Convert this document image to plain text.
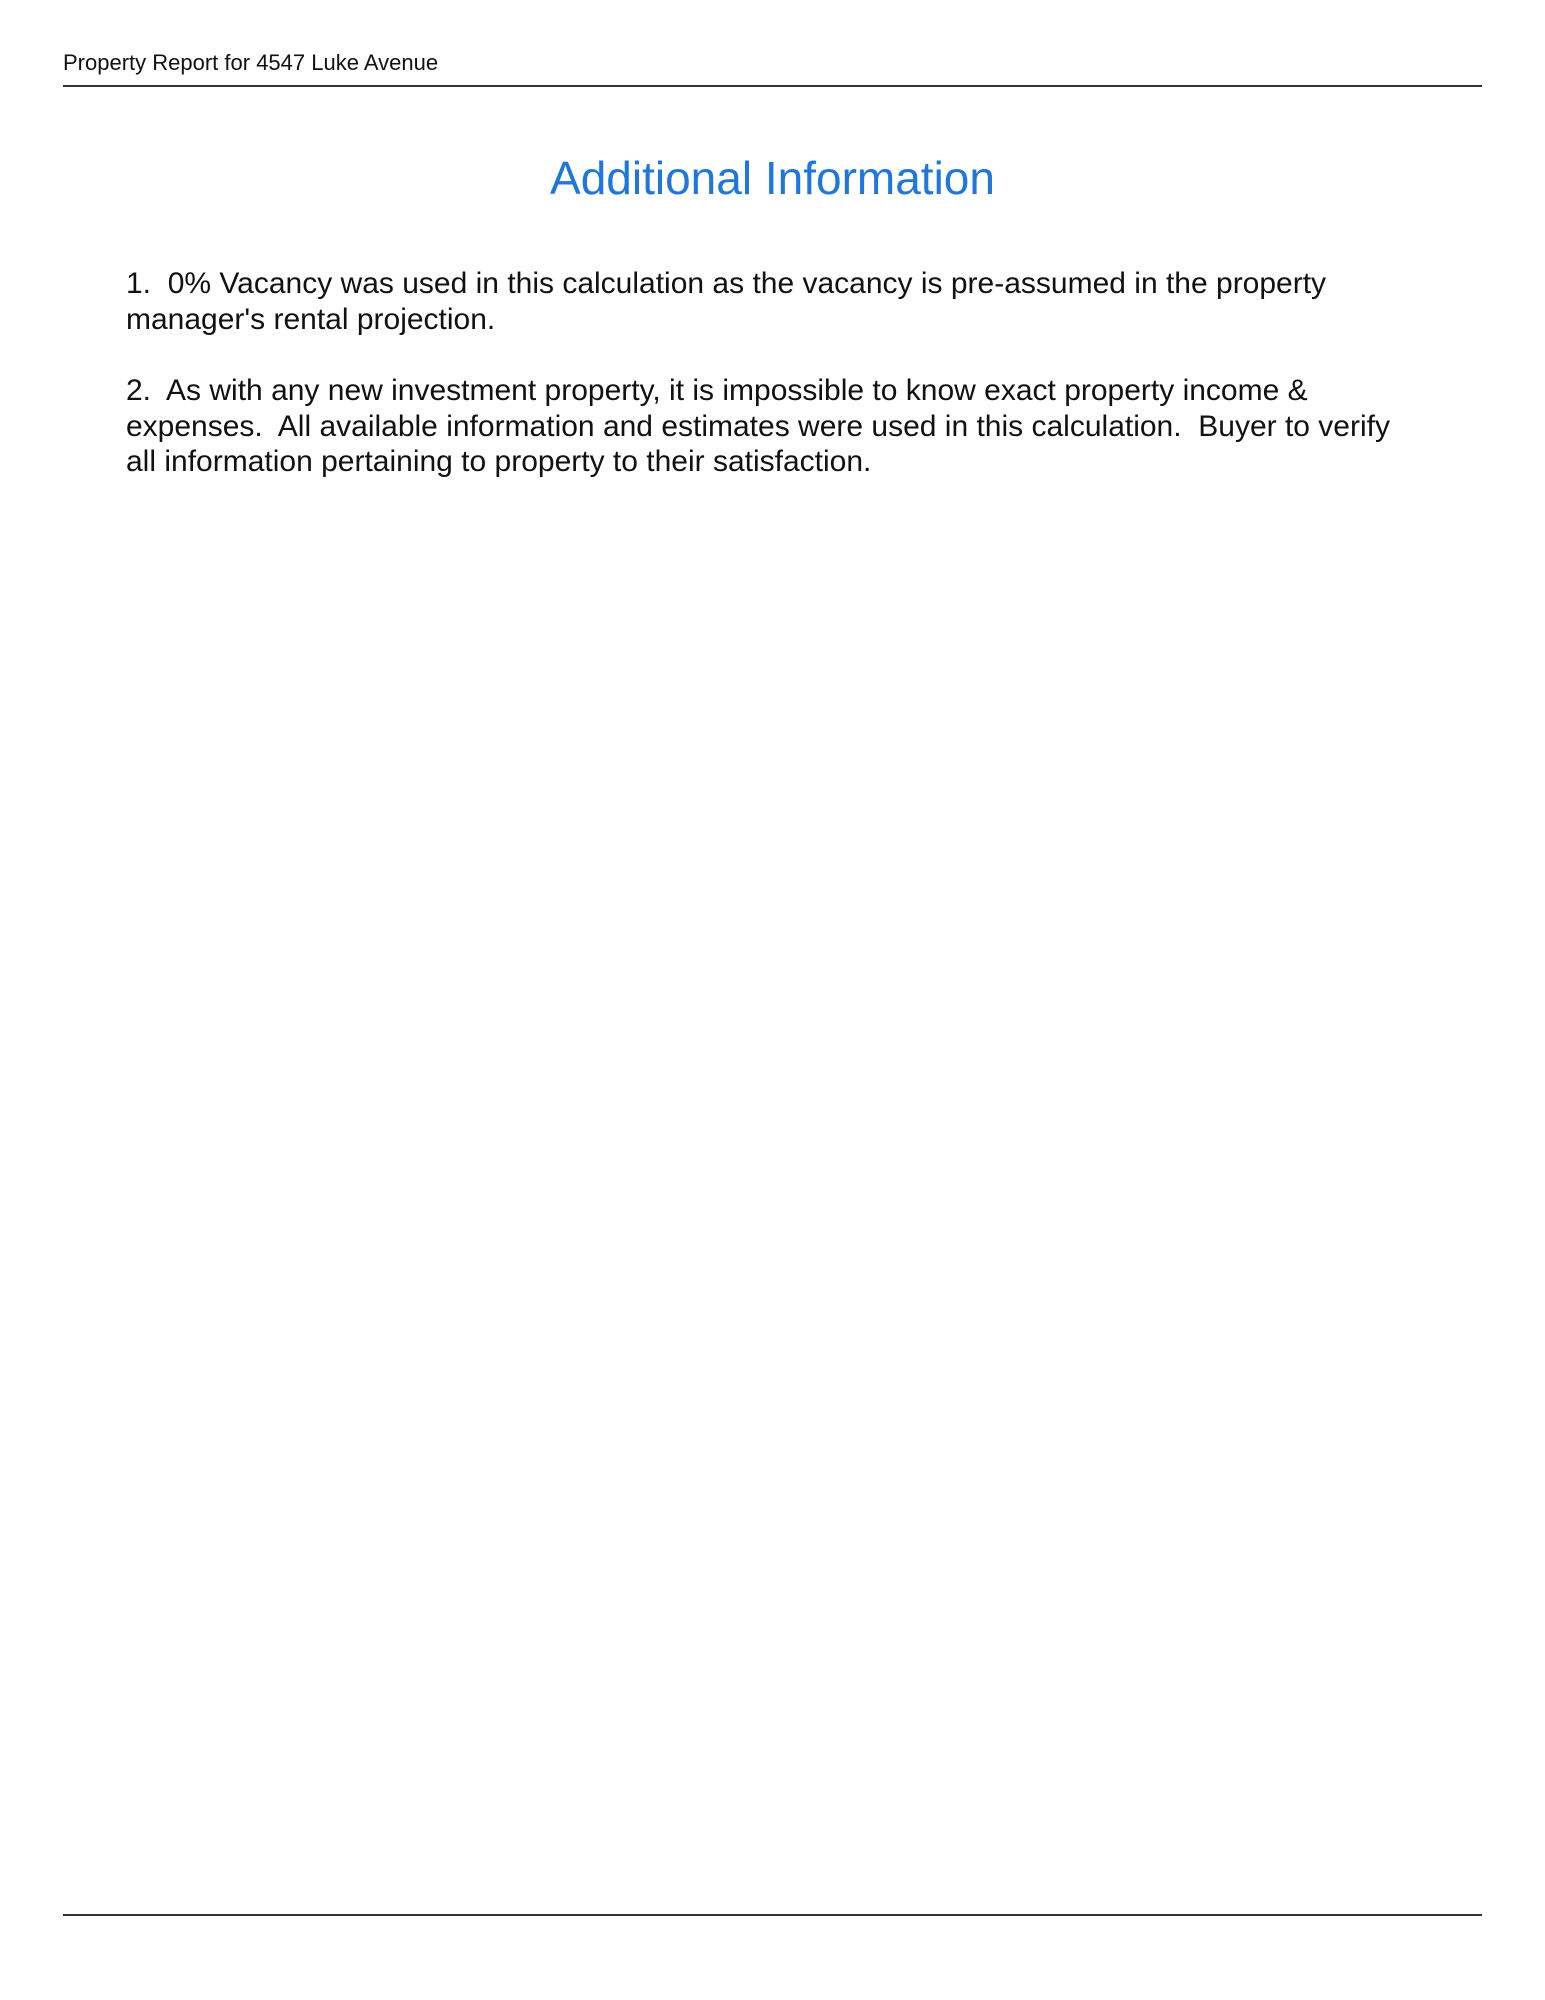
Property Report for 4547 Luke Avenue
Additional Information
1.  0% Vacancy was used in this calculation as the vacancy is pre-assumed in the property manager's rental projection.
2.  As with any new investment property, it is impossible to know exact property income & expenses.  All available information and estimates were used in this calculation.  Buyer to verify all information pertaining to property to their satisfaction.
